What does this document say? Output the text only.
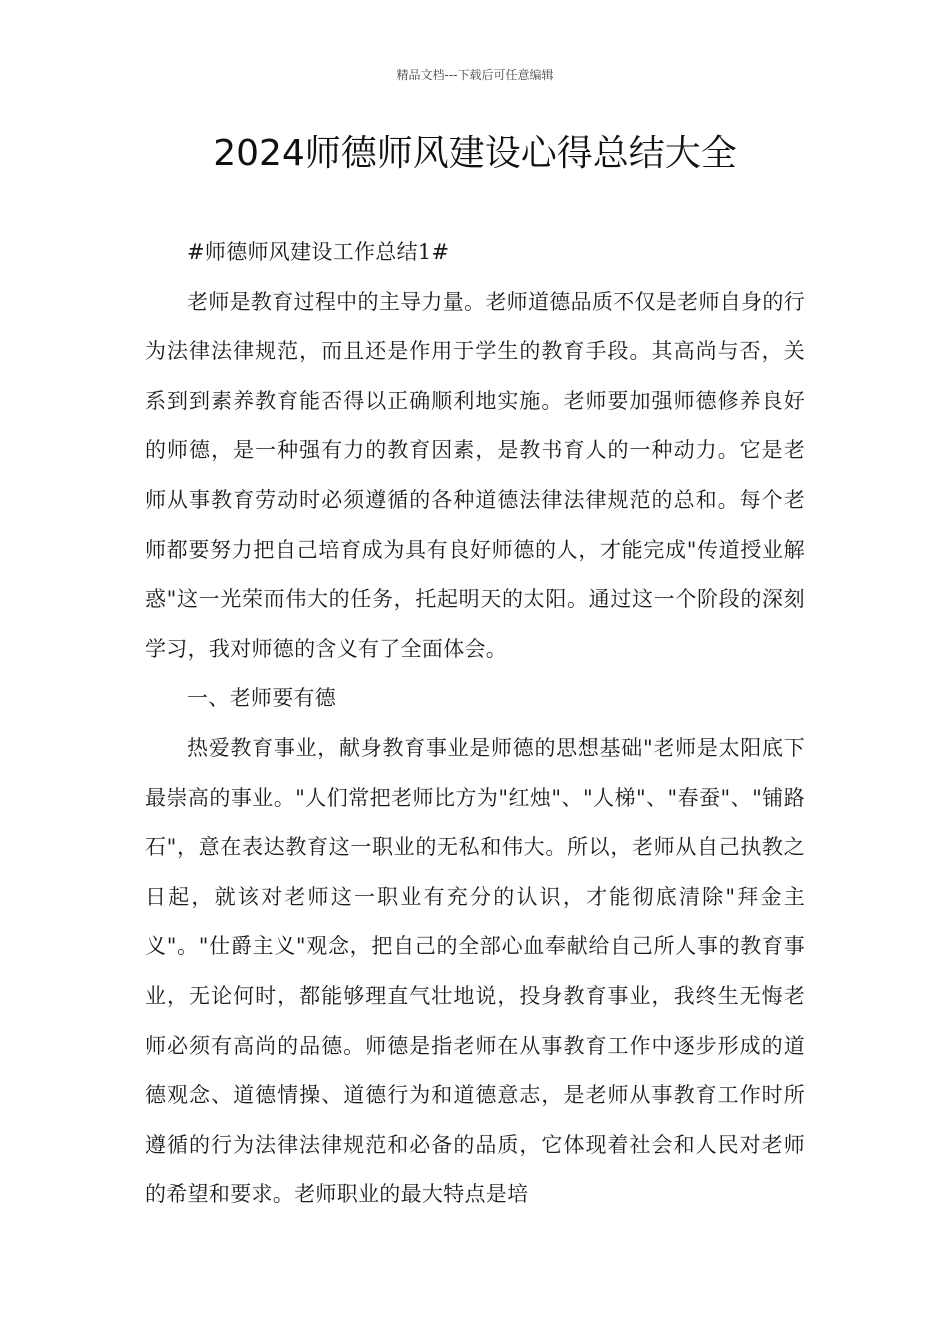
精品文档---下载后可任意编辑
2024师德师风建设心得总结大全

#师德师风建设工作总结1#

老师是教育过程中的主导力量。老师道德品质不仅是老师自身的行为法律法律规范，而且还是作用于学生的教育手段。其高尚与否，关系到到素养教育能否得以正确顺利地实施。老师要加强师德修养良好的师德，是一种强有力的教育因素，是教书育人的一种动力。它是老师从事教育劳动时必须遵循的各种道德法律法律规范的总和。每个老师都要努力把自己培育成为具有良好师德的人，才能完成"传道授业解惑"这一光荣而伟大的任务，托起明天的太阳。通过这一个阶段的深刻学习，我对师德的含义有了全面体会。

一、老师要有德

热爱教育事业，献身教育事业是师德的思想基础"老师是太阳底下最崇高的事业。"人们常把老师比方为"红烛"、"人梯"、"春蚕"、"铺路石"，意在表达教育这一职业的无私和伟大。所以，老师从自己执教之日起，就该对老师这一职业有充分的认识，才能彻底清除"拜金主义"。"仕爵主义"观念，把自己的全部心血奉献给自己所人事的教育事业，无论何时，都能够理直气壮地说，投身教育事业，我终生无悔老师必须有高尚的品德。师德是指老师在从事教育工作中逐步形成的道德观念、道德情操、道德行为和道德意志，是老师从事教育工作时所遵循的行为法律法律规范和必备的品质，它体现着社会和人民对老师的希望和要求。老师职业的最大特点是培
